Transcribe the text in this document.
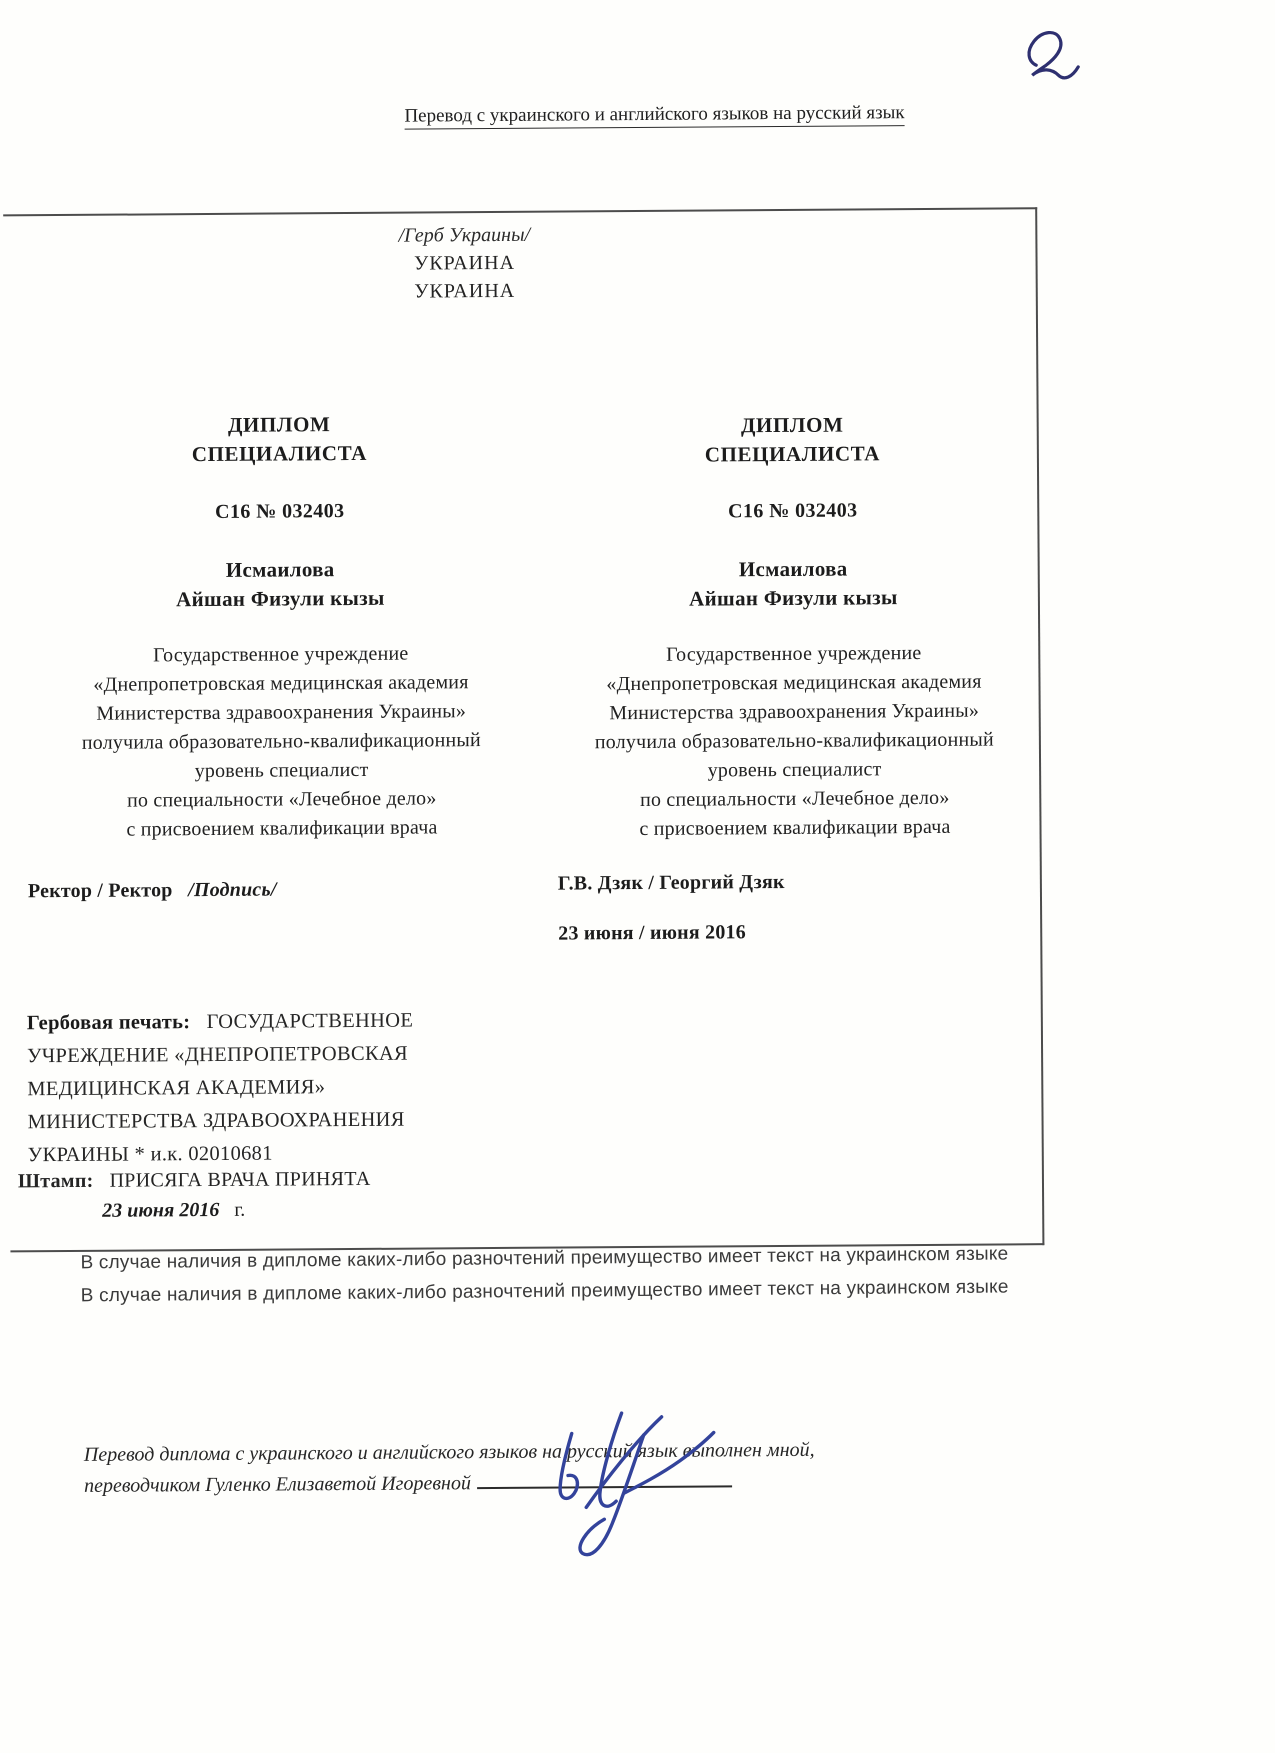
Перевод с украинского и английского языков на русский язык
/Герб Украины/
УКРАИНА
УКРАИНА
ДИПЛОМ
СПЕЦИАЛИСТА
С16 № 032403
Исмаилова
Айшан Физули кызы
Государственное учреждение
«Днепропетровская медицинская академия
Министерства здравоохранения Украины»
получила образовательно-квалификационный
уровень специалист
по специальности «Лечебное дело»
с присвоением квалификации врача
Ректор / Ректор /Подпись/
ДИПЛОМ
СПЕЦИАЛИСТА
С16 № 032403
Исмаилова
Айшан Физули кызы
Государственное учреждение
«Днепропетровская медицинская академия
Министерства здравоохранения Украины»
получила образовательно-квалификационный
уровень специалист
по специальности «Лечебное дело»
с присвоением квалификации врача
Г.В. Дзяк / Георгий Дзяк
23 июня / июня 2016
Гербовая печать: ГОСУДАРСТВЕННОЕ
УЧРЕЖДЕНИЕ «ДНЕПРОПЕТРОВСКАЯ
МЕДИЦИНСКАЯ АКАДЕМИЯ»
МИНИСТЕРСТВА ЗДРАВООХРАНЕНИЯ
УКРАИНЫ * и.к. 02010681
Штамп: ПРИСЯГА ВРАЧА ПРИНЯТА
23 июня 2016 г.
В случае наличия в дипломе каких-либо разночтений преимущество имеет текст на украинском языке
В случае наличия в дипломе каких-либо разночтений преимущество имеет текст на украинском языке
Перевод диплома с украинского и английского языков на русский язык выполнен мной,
переводчиком Гуленко Елизаветой Игоревной
